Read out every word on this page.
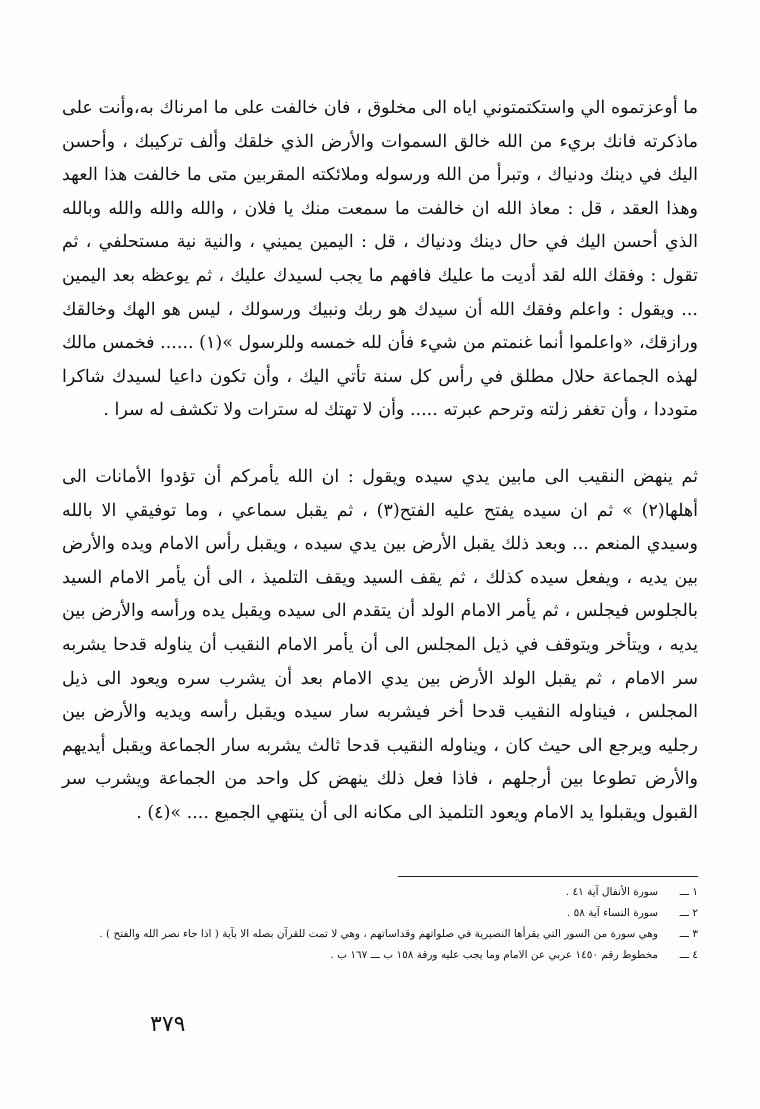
ما أوعزتموه الي واستكتمتوني اياه الى مخلوق ، فان خالفت على ما امرناك به،وأنت على ماذكرته فانك بريء من الله خالق السموات والأرض الذي خلقك وألف تركيبك ، وأحسن اليك في دينك ودنياك ، وتبرأ من الله ورسوله وملائكته المقربين متى ما خالفت هذا العهد وهذا العقد ، قل : معاذ الله ان خالفت ما سمعت منك يا فلان ، والله والله والله وبالله الذي أحسن اليك في حال دينك ودنياك ، قل : اليمين يميني ، والنية نية مستحلفي ، ثم تقول : وفقك الله لقد أديت ما عليك فافهم ما يجب لسيدك عليك ، ثم يوعظه بعد اليمين ... ويقول : واعلم وفقك الله أن سيدك هو ربك ونبيك ورسولك ، ليس هو الهك وخالقك ورازقك، «واعلموا أنما غنمتم من شيء فأن لله خمسه وللرسول »(١) ...... فخمس مالك لهذه الجماعة حلال مطلق في رأس كل سنة تأتي اليك ، وأن تكون داعيا لسيدك شاكرا متوددا ، وأن تغفر زلته وترحم عبرته ..... وأن لا تهتك له سترات ولا تكشف له سرا .

ثم ينهض النقيب الى مابين يدي سيده ويقول : ان الله يأمركم أن تؤدوا الأمانات الى أهلها(٢) » ثم ان سيده يفتح عليه الفتح(٣) ، ثم يقبل سماعي ، وما توفيقي الا بالله وسيدي المنعم ... وبعد ذلك يقبل الأرض بين يدي سيده ، ويقبل رأس الامام ويده والأرض بين يديه ، ويفعل سيده كذلك ، ثم يقف السيد ويقف التلميذ ، الى أن يأمر الامام السيد بالجلوس فيجلس ، ثم يأمر الامام الولد أن يتقدم الى سيده ويقبل يده ورأسه والأرض بين يديه ، ويتأخر ويتوقف في ذيل المجلس الى أن يأمر الامام النقيب أن يناوله قدحا يشربه سر الامام ، ثم يقبل الولد الأرض بين يدي الامام بعد أن يشرب سره ويعود الى ذيل المجلس ، فيناوله النقيب قدحا أخر فيشربه سار سيده ويقبل رأسه ويديه والأرض بين رجليه ويرجع الى حيث كان ، ويناوله النقيب قدحا ثالث يشربه سار الجماعة ويقبل أيديهم والأرض تطوعا بين أرجلهم ، فاذا فعل ذلك ينهض كل واحد من الجماعة ويشرب سر القبول ويقبلوا يد الامام ويعود التلميذ الى مكانه الى أن ينتهي الجميع .... »(٤) .

١ ـــ
سورة الأنفال آية ٤١ .
٢ ـــ
سورة النساء آية ٥٨ .
٣ ـــ
وهي سورة من السور التي يقرأها النصيرية في صلواتهم وقداساتهم ، وهي لا تمت للقرآن بصله الا بآية ( اذا جاء نصر الله والفتح ) .
٤ ـــ
مخطوط رقم ١٤٥٠ عربي عن الامام وما يجب عليه ورقة ١٥٨ ب ـــ ١٦٧ ب .
٣٧٩
